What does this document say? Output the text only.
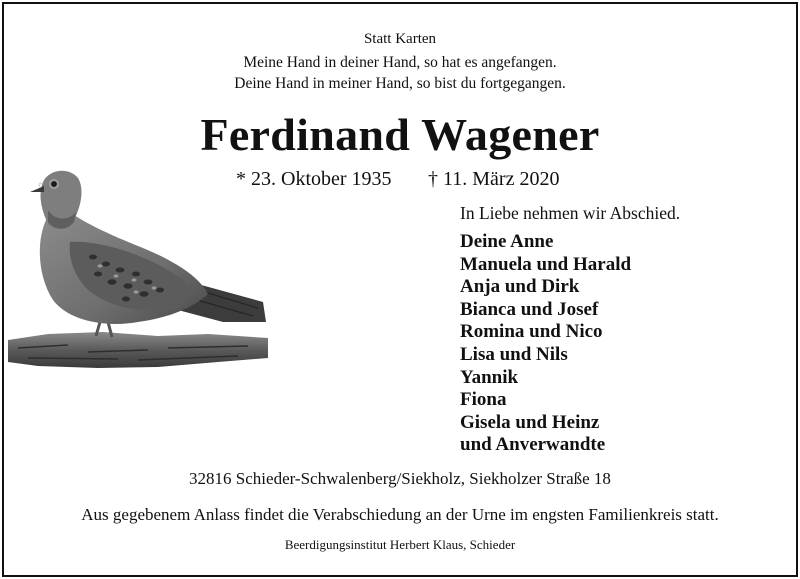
Statt Karten
Meine Hand in deiner Hand, so hat es angefangen.
Deine Hand in meiner Hand, so bist du fortgegangen.
Ferdinand Wagener
* 23. Oktober 1935 † 11. März 2020
In Liebe nehmen wir Abschied.
Deine Anne
Manuela und Harald
Anja und Dirk
Bianca und Josef
Romina und Nico
Lisa und Nils
Yannik
Fiona
Gisela und Heinz
und Anverwandte
32816 Schieder-Schwalenberg/Siekholz, Siekholzer Straße 18
Aus gegebenem Anlass findet die Verabschiedung an der Urne im engsten Familienkreis statt.
Beerdigungsinstitut Herbert Klaus, Schieder
